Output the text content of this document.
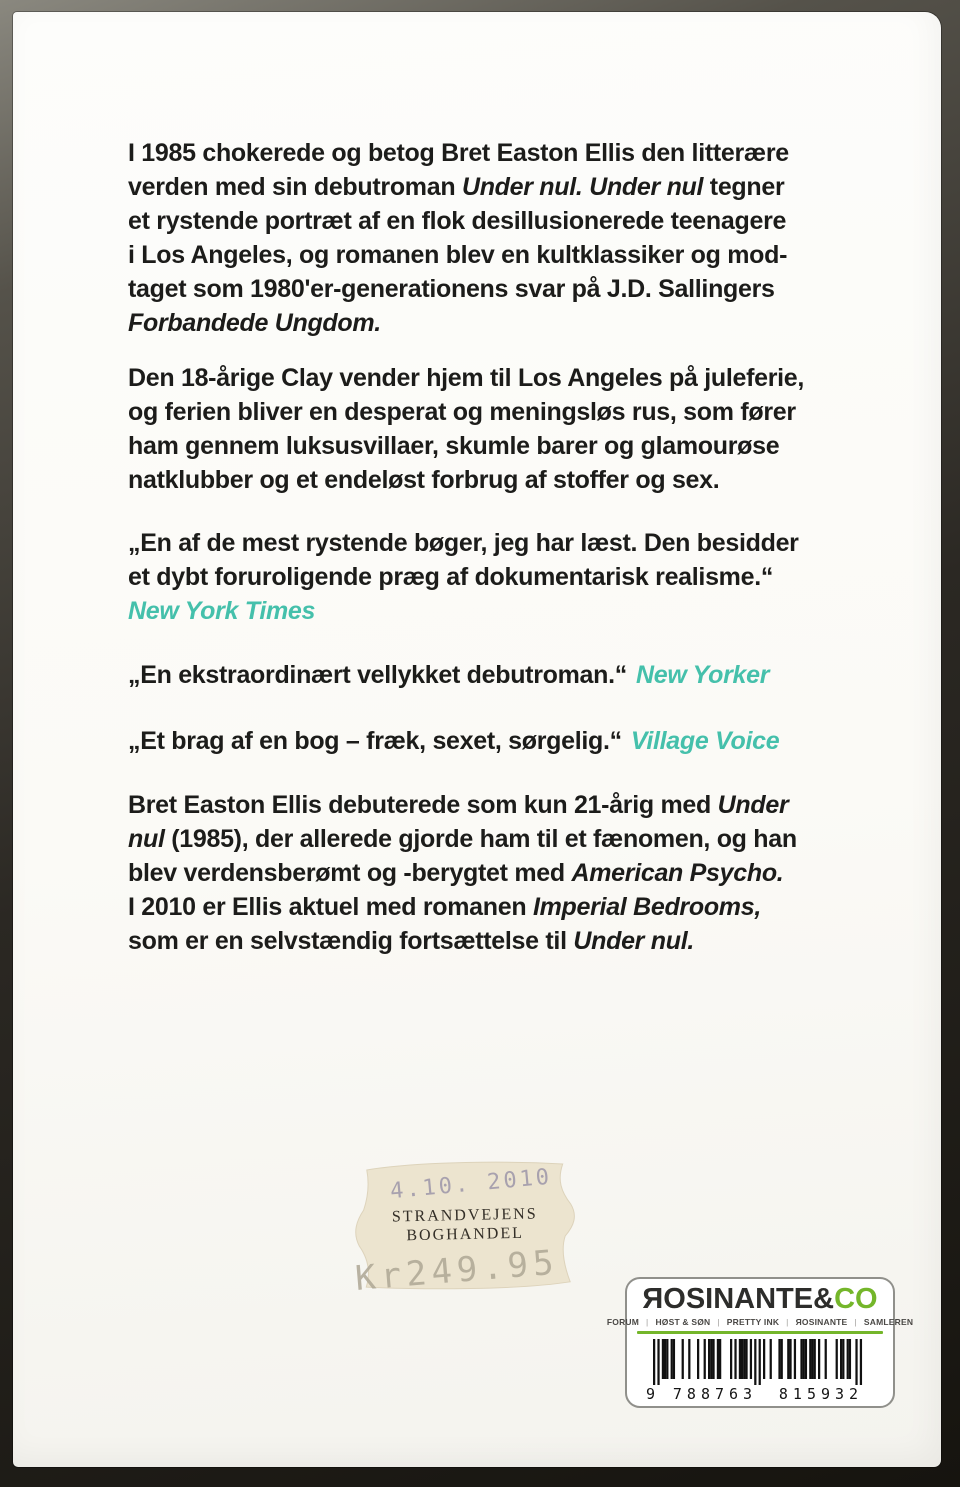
I 1985 chokerede og betog Bret Easton Ellis den litterære
verden med sin debutroman Under nul. Under nul tegner
et rystende portræt af en flok desillusionerede teenagere
i Los Angeles, og romanen blev en kultklassiker og mod-
taget som 1980'er-generationens svar på J.D. Sallingers
Forbandede Ungdom.
Den 18-årige Clay vender hjem til Los Angeles på juleferie,
og ferien bliver en desperat og meningsløs rus, som fører
ham gennem luksusvillaer, skumle barer og glamourøse
natklubber og et endeløst forbrug af stoffer og sex.
„En af de mest rystende bøger, jeg har læst. Den besidder
et dybt foruroligende præg af dokumentarisk realisme.“
New York Times
„En ekstraordinært vellykket debutroman.“ New Yorker
„Et brag af en bog – fræk, sexet, sørgelig.“ Village Voice
Bret Easton Ellis debuterede som kun 21-årig med Under
nul (1985), der allerede gjorde ham til et fænomen, og han
blev verdensberømt og -berygtet med American Psycho.
I 2010 er Ellis aktuel med romanen Imperial Bedrooms,
som er en selvstændig fortsættelse til Under nul.
4.10. 2010
STRANDVEJENS
BOGHANDEL
Kr249.95	ЯOSINANTE&CO
FORUM | HØST & SØN | PRETTY INK | ЯOSINANTE | SAMLEREN
9	788763	815932
